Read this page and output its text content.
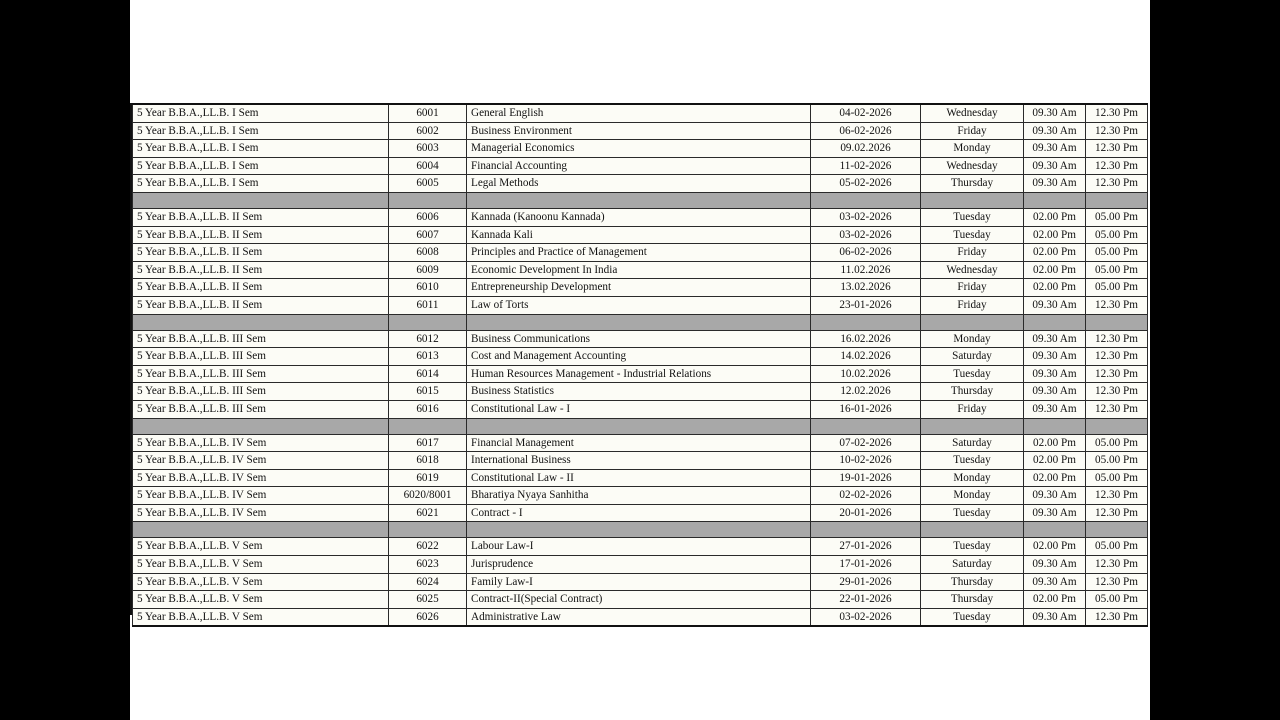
5 Year B.B.A.,LL.B. I Sem	6001	General English	04-02-2026	Wednesday	09.30 Am	12.30 Pm
5 Year B.B.A.,LL.B. I Sem	6002	Business Environment	06-02-2026	Friday	09.30 Am	12.30 Pm
5 Year B.B.A.,LL.B. I Sem	6003	Managerial Economics	09.02.2026	Monday	09.30 Am	12.30 Pm
5 Year B.B.A.,LL.B. I Sem	6004	Financial Accounting	11-02-2026	Wednesday	09.30 Am	12.30 Pm
5 Year B.B.A.,LL.B. I Sem	6005	Legal Methods	05-02-2026	Thursday	09.30 Am	12.30 Pm

5 Year B.B.A.,LL.B. II Sem	6006	Kannada (Kanoonu Kannada)	03-02-2026	Tuesday	02.00 Pm	05.00 Pm
5 Year B.B.A.,LL.B. II Sem	6007	Kannada Kali	03-02-2026	Tuesday	02.00 Pm	05.00 Pm
5 Year B.B.A.,LL.B. II Sem	6008	Principles and Practice of Management	06-02-2026	Friday	02.00 Pm	05.00 Pm
5 Year B.B.A.,LL.B. II Sem	6009	Economic Development In India	11.02.2026	Wednesday	02.00 Pm	05.00 Pm
5 Year B.B.A.,LL.B. II Sem	6010	Entrepreneurship Development	13.02.2026	Friday	02.00 Pm	05.00 Pm
5 Year B.B.A.,LL.B. II Sem	6011	Law of Torts	23-01-2026	Friday	09.30 Am	12.30 Pm

5 Year B.B.A.,LL.B. III Sem	6012	Business Communications	16.02.2026	Monday	09.30 Am	12.30 Pm
5 Year B.B.A.,LL.B. III Sem	6013	Cost and Management Accounting	14.02.2026	Saturday	09.30 Am	12.30 Pm
5 Year B.B.A.,LL.B. III Sem	6014	Human Resources Management - Industrial Relations	10.02.2026	Tuesday	09.30 Am	12.30 Pm
5 Year B.B.A.,LL.B. III Sem	6015	Business Statistics	12.02.2026	Thursday	09.30 Am	12.30 Pm
5 Year B.B.A.,LL.B. III Sem	6016	Constitutional Law - I	16-01-2026	Friday	09.30 Am	12.30 Pm

5 Year B.B.A.,LL.B. IV Sem	6017	Financial Management	07-02-2026	Saturday	02.00 Pm	05.00 Pm
5 Year B.B.A.,LL.B. IV Sem	6018	International Business	10-02-2026	Tuesday	02.00 Pm	05.00 Pm
5 Year B.B.A.,LL.B. IV Sem	6019	Constitutional Law - II	19-01-2026	Monday	02.00 Pm	05.00 Pm
5 Year B.B.A.,LL.B. IV Sem	6020/8001	Bharatiya Nyaya Sanhitha	02-02-2026	Monday	09.30 Am	12.30 Pm
5 Year B.B.A.,LL.B. IV Sem	6021	Contract - I	20-01-2026	Tuesday	09.30 Am	12.30 Pm

5 Year B.B.A.,LL.B. V Sem	6022	Labour Law-I	27-01-2026	Tuesday	02.00 Pm	05.00 Pm
5 Year B.B.A.,LL.B. V Sem	6023	Jurisprudence	17-01-2026	Saturday	09.30 Am	12.30 Pm
5 Year B.B.A.,LL.B. V Sem	6024	Family Law-I	29-01-2026	Thursday	09.30 Am	12.30 Pm
5 Year B.B.A.,LL.B. V Sem	6025	Contract-II(Special Contract)	22-01-2026	Thursday	02.00 Pm	05.00 Pm
5 Year B.B.A.,LL.B. V Sem	6026	Administrative Law	03-02-2026	Tuesday	09.30 Am	12.30 Pm
